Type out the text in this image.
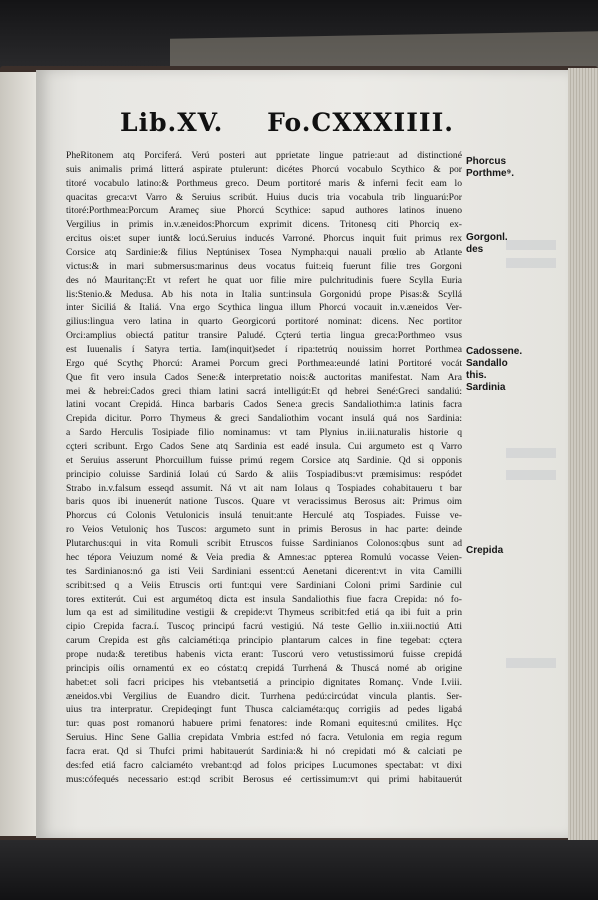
Lib.XV. Fo.CXXXIIII.
PheRitonem atq Porciferá. Verú posteri aut pprietate lingue patrie:aut ad distinctioné
suis animalis primá litterá aspirate ptulerunt: dicétes Phorcú vocabulo Scythico & por
titoré vocabulo latino:& Porthmeus greco. Deum portitoré maris & inferni fecit eam lo
quacitas greca:vt Varro & Seruius scribút. Huius ducis tria vocabula trib linguarú:Por
titoré:Porthmea:Porcum Arameç siue Phorcú Scythice: sapud authores latinos inueno
Vergilius in primis in.v.æneidos:Phorcum exprimit dicens. Tritonesq citi Phorciq ex-
ercitus ois:et super iunt& locú.Seruius inducés Varroné. Phorcus inquit fuit primus rex
Corsice atq Sardinie:& filius Neptúnisex Tosea Nympha:qui nauali prœlio ab Atlante
victus:& in mari submersus:marinus deus vocatus fuit:eiq fuerunt filie tres Gorgoni
des nó Mauritanç:Et vt refert he quat uor filie mire pulchritudinis fuere Scylla Euria
lis:Stenio.& Medusa. Ab his nota in Italia sunt:insula Gorgonidú prope Pisas:& Scyllá
inter Siciliá & Italiá. Vna ergo Scythica lingua illum Phorcú vocauit in.v.æneidos Ver-
gilius:lingua vero latina in quarto Georgicorú portitoré nominat: dicens. Nec portitor
Orci:amplius obiectá patitur transire Paludé. Cçterú tertia lingua greca:Porthmeo vsus
est Iuuenalis í Satyra tertia. Iam(inquit)sedet í ripa:tetrúq nouissim horret Porthmea
Ergo qué Scythç Phorcú: Aramei Porcum greci Porthmea:eundé latini Portitoré vocát
Que fit vero insula Cados Sene:& interpretatio nois:& auctoritas manifestat. Nam Ara
mei & hebrei:Cados greci thiam latini sacrá intelligút:Et qd hebrei Sené:Greci sandaliú:
latini vocant Crepidá. Hinca barbaris Cados Sene:a grecis Sandaliothim:a latinis facra
Crepida dicitur. Porro Thymeus & greci Sandaliothim vocant insulá quá nos Sardinia:
a Sardo Herculis Tosipiade filio nominamus: vt tam Plynius in.iii.naturalis historie q
cçteri scribunt. Ergo Cados Sene atq Sardinia est eadé insula. Cui argumeto est q Varro
et Seruius asserunt Phorcuillum fuisse primú regem Corsice atq Sardinie. Qd si opponis
principio coluisse Sardiniá Iolaú cú Sardo & aliis Tospiadibus:vt præmisimus: respódet
Strabo in.v.falsum esseqd assumit. Ná vt ait nam Iolaus q Tospiades cohabitaueru t bar
baris quos ibi inuenerút natione Tuscos. Quare vt veracissimus Berosus ait: Primus oim
Phorcus cú Colonis Vetulonicis insulá tenuit:ante Herculé atq Tospiades. Fuisse ve-
ro Veios Vetuloniç hos Tuscos: argumeto sunt in primis Berosus in hac parte: deinde
Plutarchus:qui in vita Romuli scribit Etruscos fuisse Sardinianos Colonos:qbus sunt ad
hec tépora Veiuzum nomé & Veia predia & Amnes:ac ppterea Romulú vocasse Veien-
tes Sardinianos:nó ga isti Veii Sardiniani essent:cú Aenetani dicerent:vt in vita Camilli
scribit:sed q a Veiis Etruscis orti funt:qui vere Sardiniani Coloni primi Sardinie cul
tores extiterút. Cui est argumétoq dicta est insula Sandaliothis fiue facra Crepida: nó fo-
lum qa est ad similitudine vestigii & crepide:vt Thymeus scribit:fed etiá qa ibi fuit a prin
cipio Crepida facra.í. Tuscoç principú facrú vestigiú. Ná teste Gellio in.xiii.noctiú Atti
carum Crepida est gñs calciaméti:qa principio plantarum calces in fine tegebat: cçtera
prope nuda:& teretibus habenis victa erant: Tuscorú vero vetustissimorú fuisse crepidá
principis oílis ornamentú ex eo cóstat:q crepidá Turrhená & Thuscá nomé ab origine
habet:et soli facri pricipes his vtebantsetiá a principio dignitates Romanç. Vnde I.viii.
æneidos.vbi Vergilius de Euandro dicit. Turrhena pedú:circúdat vincula plantis. Ser-
uius tra interpratur. Crepideqingt funt Thusca calciaméta:quç corrigiis ad pedes ligabá
tur: quas post romanorú habuere primi fenatores: inde Romani equites:nú cmilites. Hçc
Seruius. Hinc Sene Gallia crepidata Vmbria est:fed nó facra. Vetulonia em regia regum
facra erat. Qd si Thufci primi habitauerút Sardinia:& hi nó crepidati mó & calciati pe
des:fed etiá facro calciaméto vrebant:qd ad folos pricipes Lucumones spectabat: vt dixi
mus:cófequés necessario est:qd scribit Berosus eé certissimum:vt qui primi habitauerút
Phorcus
Porthme⁹.
Gorgonl.
des
Cadossene.
Sandallo
this.
Sardinia
Crepida
